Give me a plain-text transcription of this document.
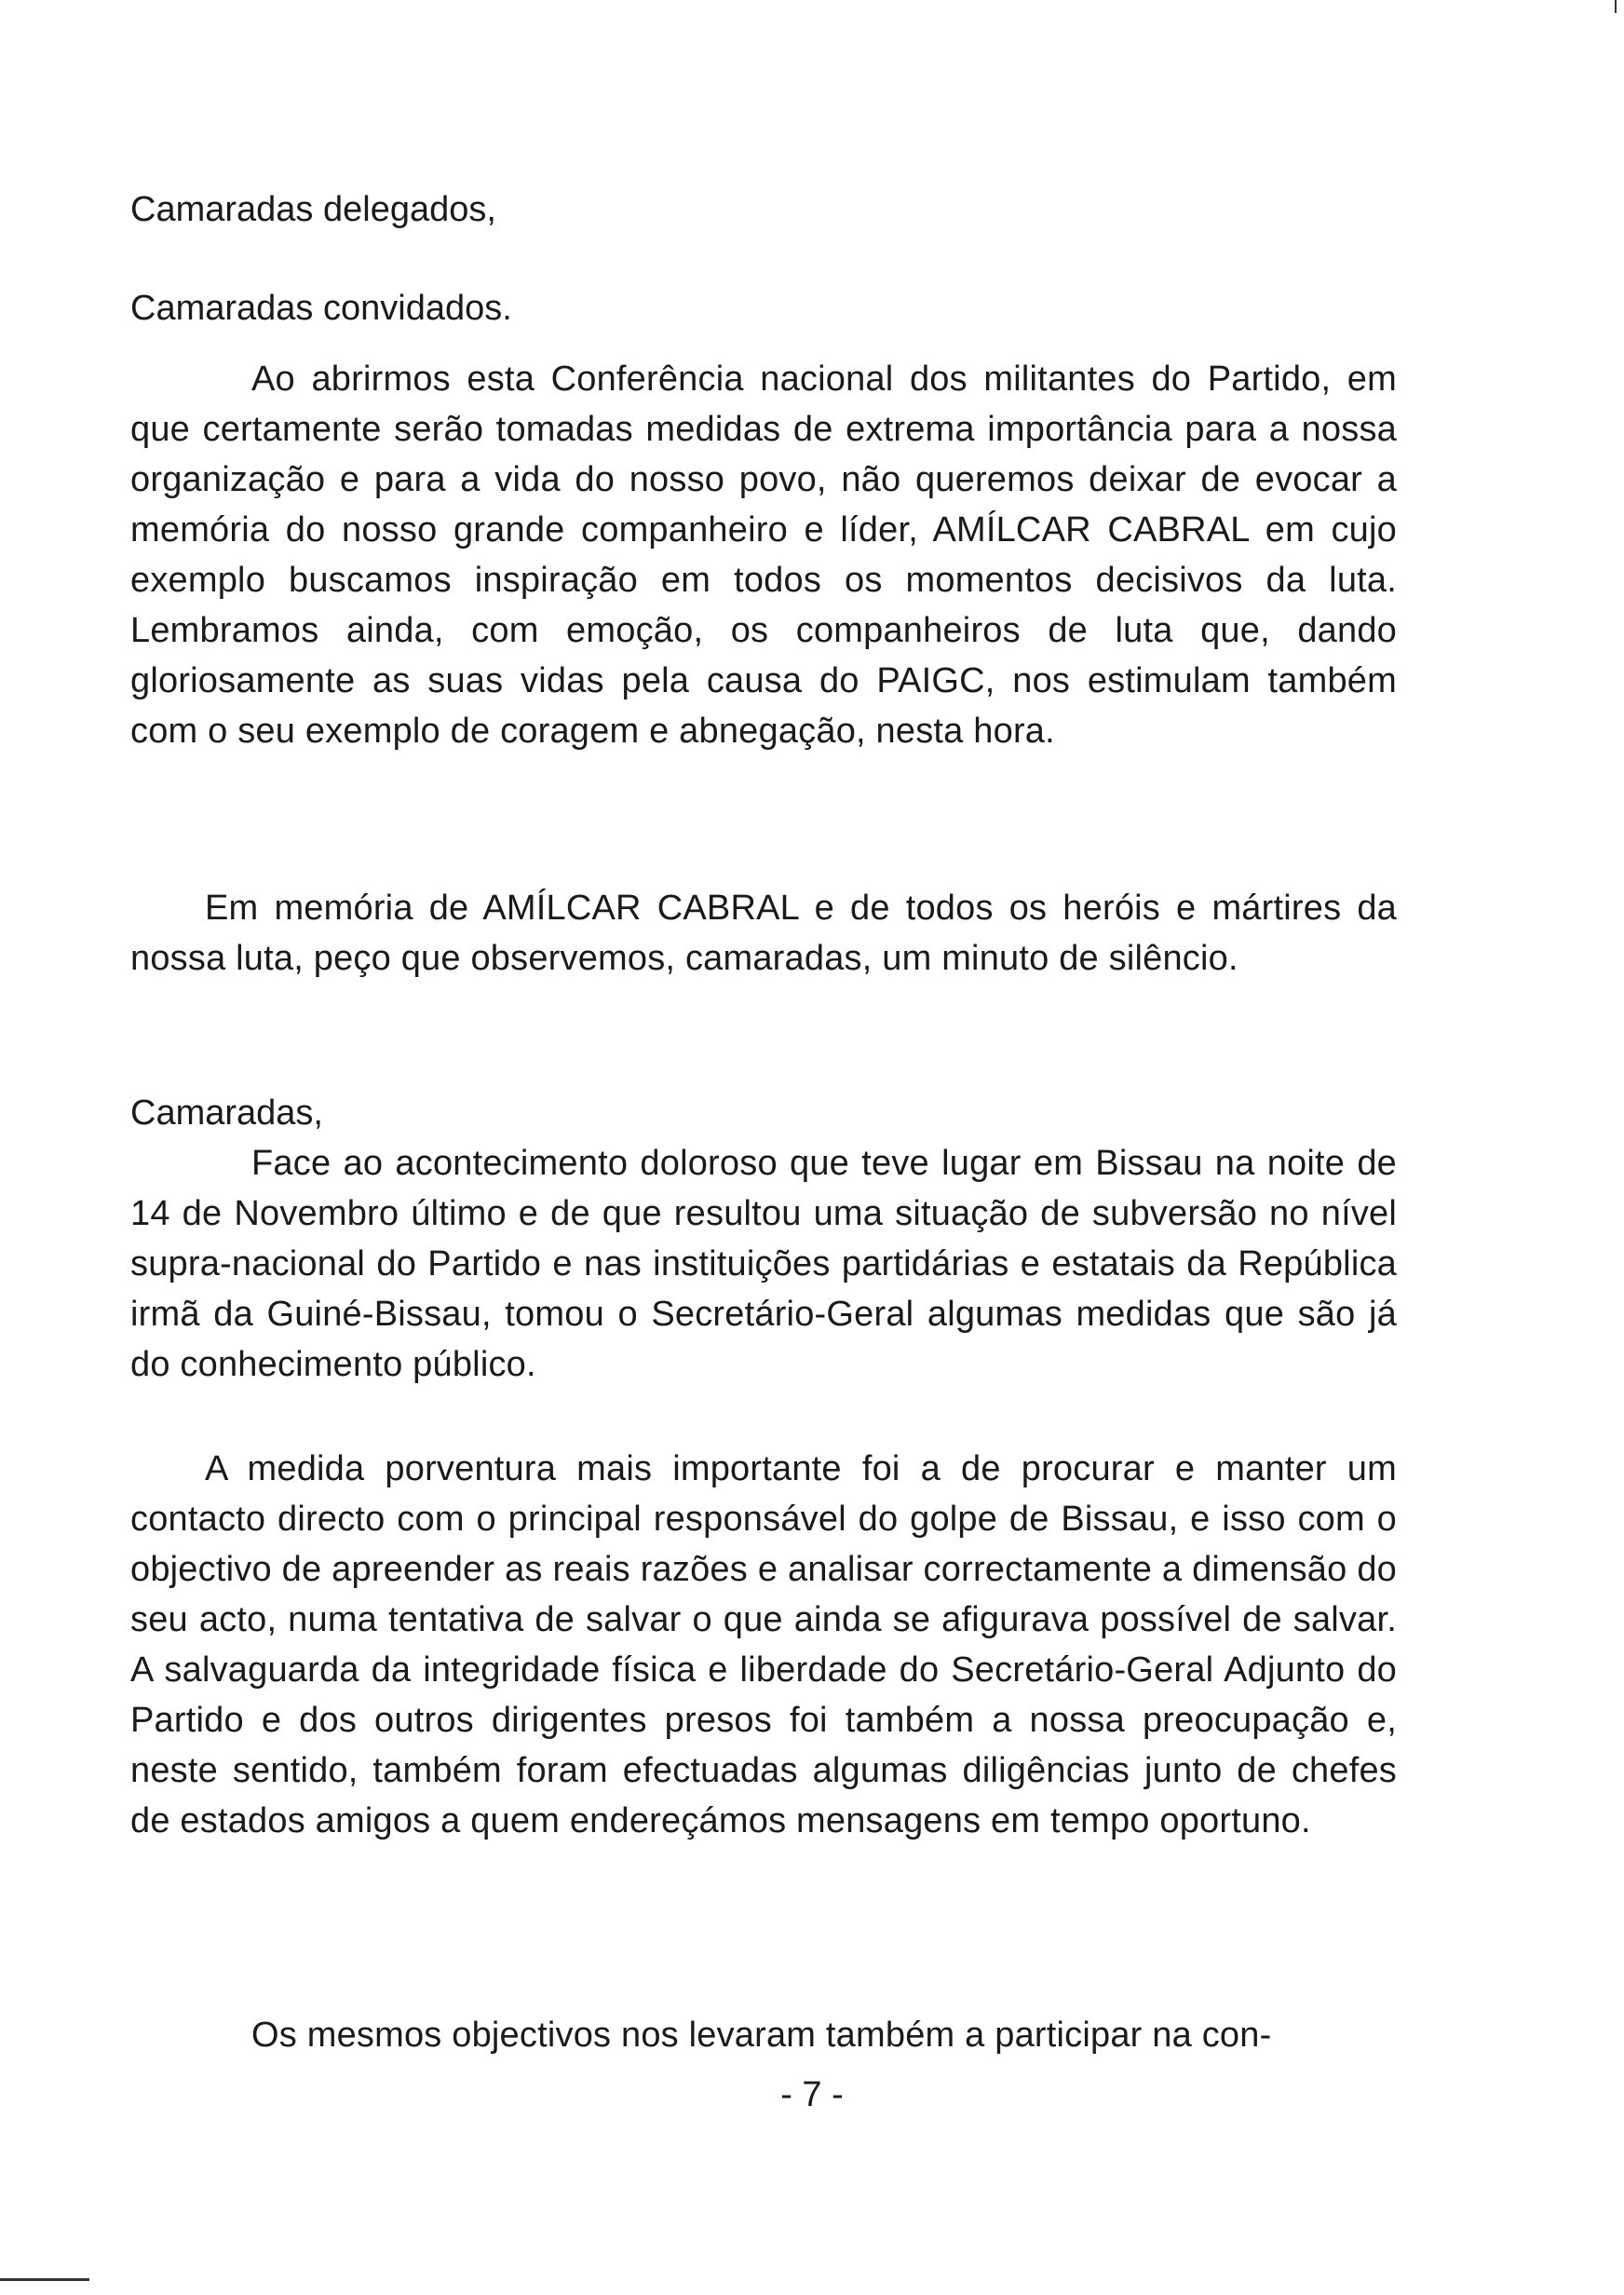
Camaradas delegados,
Camaradas convidados.

Ao abrirmos esta Conferência nacional dos militantes do Partido, em que certamente serão tomadas medidas de extrema importância para a nossa organização e para a vida do nosso povo, não queremos deixar de evocar a memória do nosso grande companheiro e líder, AMÍLCAR CABRAL em cujo exemplo buscamos inspiração em todos os momentos decisivos da luta. Lembramos ainda, com emoção, os companheiros de luta que, dando gloriosamente as suas vidas pela causa do PAIGC, nos estimulam também com o seu exemplo de coragem e abnegação, nesta hora.

Em memória de AMÍLCAR CABRAL e de todos os heróis e mártires da nossa luta, peço que observemos, camaradas, um minuto de silêncio.

Camaradas,

Face ao acontecimento doloroso que teve lugar em Bissau na noite de 14 de Novembro último e de que resultou uma situação de subversão no nível supra-nacional do Partido e nas instituições partidárias e estatais da República irmã da Guiné-Bissau, tomou o Secretário-Geral algumas medidas que são já do conhecimento público.

A medida porventura mais importante foi a de procurar e manter um contacto directo com o principal responsável do golpe de Bissau, e isso com o objectivo de apreender as reais razões e analisar correctamente a dimensão do seu acto, numa tentativa de salvar o que ainda se afigurava possível de salvar. A salvaguarda da integridade física e liberdade do Secretário-Geral Adjunto do Partido e dos outros dirigentes presos foi também a nossa preocupação e, neste sentido, também foram efectuadas algumas diligências junto de chefes de estados amigos a quem endereçámos mensagens em tempo oportuno.

Os mesmos objectivos nos levaram também a participar na con-

- 7 -
